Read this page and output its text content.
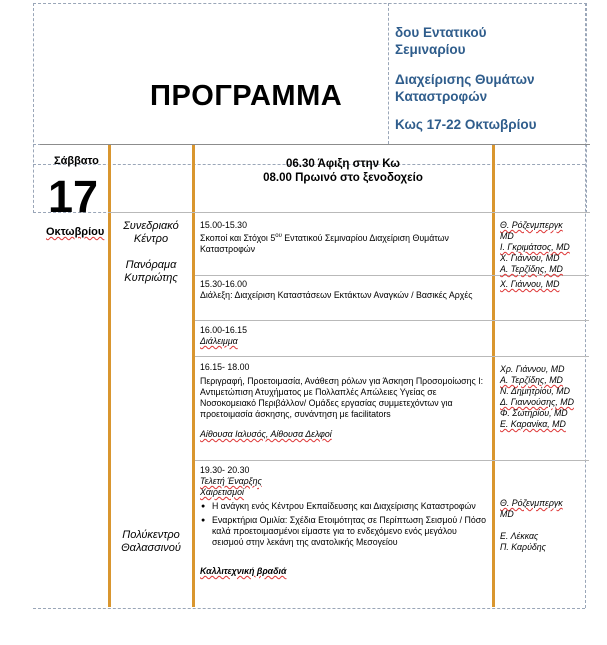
ΠΡΟΓΡΑΜΜΑ
δου Εντατικού
Σεμιναρίου
Διαχείρισης Θυμάτων
Καταστροφών
Κως 17-22 Οκτωβρίου
Σάββατο
17
Οκτωβρίου
06.30 Άφιξη στην Κω
08.00 Πρωινό στο ξενοδοχείο
Συνεδριακό
Κέντρο
Πανόραμα
Κυπριώτης
Πολύκεντρο
Θαλασσινού
15.00-15.30
Σκοποί και Στόχοι $5^{o\upsilon}$ Εντατικού Σεμιναρίου Διαχείριση Θυμάτων Καταστροφών
Θ. Ρόζενμπεργκ
MD
Ι. Γκριμάτσος, MD
Χ. Γιάννου, MD
Α. Τερζίδης, MD
15.30-16.00
Διάλεξη: Διαχείριση Καταστάσεων Εκτάκτων Αναγκών / Βασικές Αρχές
Χ. Γιάννου, MD
16.00-16.15
Διάλειμμα
16.15- 18.00
Περιγραφή, Προετοιμασία, Ανάθεση ρόλων για Άσκηση Προσομοίωσης Ι: Αντιμετώπιση Ατυχήματος με Πολλαπλές Απώλειες Υγείας σε Νοσοκομειακό Περιβάλλον/ Ομάδες εργασίας συμμετεχόντων για προετοιμασία άσκησης, συνάντηση με facilitators
Αίθουσα Ιαλυσός, Αίθουσα Δελφοί
Χρ. Γιάννου, MD
Α. Τερζίδης, MD
Ν. Δημητρίου, MD
Δ. Γιαννούσης, MD
Φ. Σωτηρίου, MD
Ε. Καρανίκα, MD
19.30- 20.30
Τελετή Έναρξης
Χαιρετισμοί
● Η ανάγκη ενός Κέντρου Εκπαίδευσης και Διαχείρισης Καταστροφών
● Εναρκτήρια Ομιλία: Σχέδια Ετοιμότητας σε Περίπτωση Σεισμού / Πόσο καλά προετοιμασμένοι είμαστε για το ενδεχόμενο ενός μεγάλου σεισμού στην λεκάνη της ανατολικής Μεσογείου
Καλλιτεχνική βραδιά
Θ. Ρόζενμπεργκ
MD
Ε. Λέκκας
Π. Καρύδης
